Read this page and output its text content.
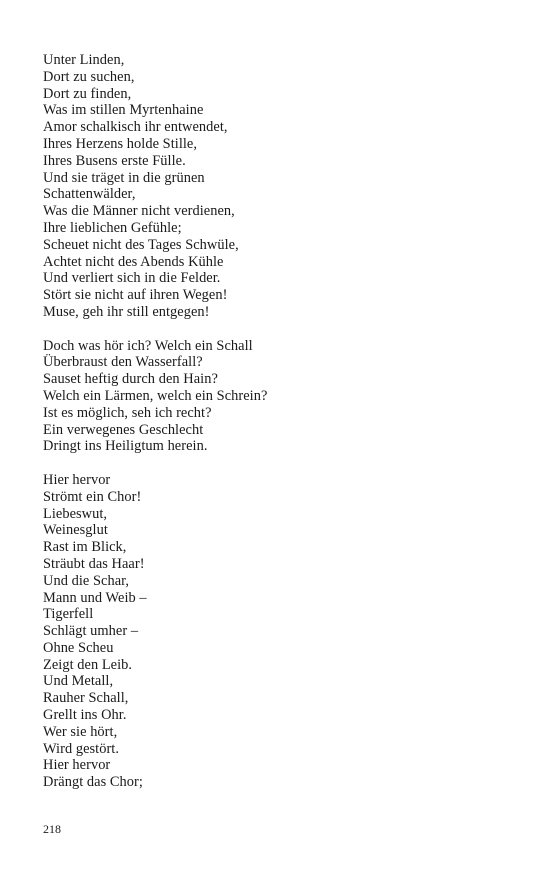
Unter Linden,
Dort zu suchen,
Dort zu finden,
Was im stillen Myrtenhaine
Amor schalkisch ihr entwendet,
Ihres Herzens holde Stille,
Ihres Busens erste Fülle.
Und sie träget in die grünen
Schattenwälder,
Was die Männer nicht verdienen,
Ihre lieblichen Gefühle;
Scheuet nicht des Tages Schwüle,
Achtet nicht des Abends Kühle
Und verliert sich in die Felder.
Stört sie nicht auf ihren Wegen!
Muse, geh ihr still entgegen!
Doch was hör ich? Welch ein Schall
Überbraust den Wasserfall?
Sauset heftig durch den Hain?
Welch ein Lärmen, welch ein Schrein?
Ist es möglich, seh ich recht?
Ein verwegenes Geschlecht
Dringt ins Heiligtum herein.
Hier hervor
Strömt ein Chor!
Liebeswut,
Weinesglut
Rast im Blick,
Sträubt das Haar!
Und die Schar,
Mann und Weib –
Tigerfell
Schlägt umher –
Ohne Scheu
Zeigt den Leib.
Und Metall,
Rauher Schall,
Grellt ins Ohr.
Wer sie hört,
Wird gestört.
Hier hervor
Drängt das Chor;
218
